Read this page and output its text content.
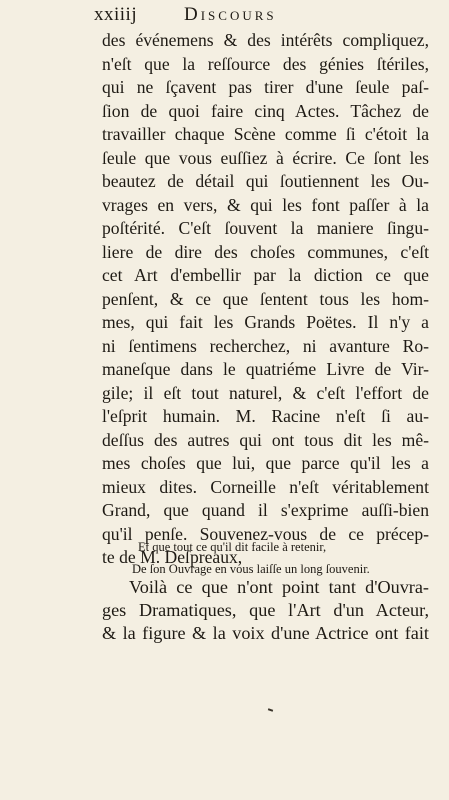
xxiiij Discours

des événemens & des intérêts compliquez,
n'eſt que la reſſource des génies ſtériles,
qui ne ſçavent pas tirer d'une ſeule paſ-
ſion de quoi faire cinq Actes. Tâchez de
travailler chaque Scène comme ſi c'étoit la
ſeule que vous euſſiez à écrire. Ce ſont les
beautez de détail qui ſoutiennent les Ou-
vrages en vers, & qui les font paſſer à la
poſtérité. C'eſt ſouvent la maniere ſingu-
liere de dire des choſes communes, c'eſt
cet Art d'embellir par la diction ce que
penſent, & ce que ſentent tous les hom-
mes, qui fait les Grands Poëtes. Il n'y a
ni ſentimens recherchez, ni avanture Ro-
maneſque dans le quatriéme Livre de Vir-
gile; il eſt tout naturel, & c'eſt l'effort de
l'eſprit humain. M. Racine n'eſt ſi au-
deſſus des autres qui ont tous dit les mê-
mes choſes que lui, que parce qu'il les a
mieux dites. Corneille n'eſt véritablement
Grand, que quand il s'exprime auſſi-bien
qu'il penſe. Souvenez-vous de ce précep-
te de M. Deſpreaux,

Et que tout ce qu'il dit facile à retenir,
De ſon Ouvrage en vous laiſſe un long ſouvenir.

Voilà ce que n'ont point tant d'Ouvra-
ges Dramatiques, que l'Art d'un Acteur,
& la figure & la voix d'une Actrice ont fait
